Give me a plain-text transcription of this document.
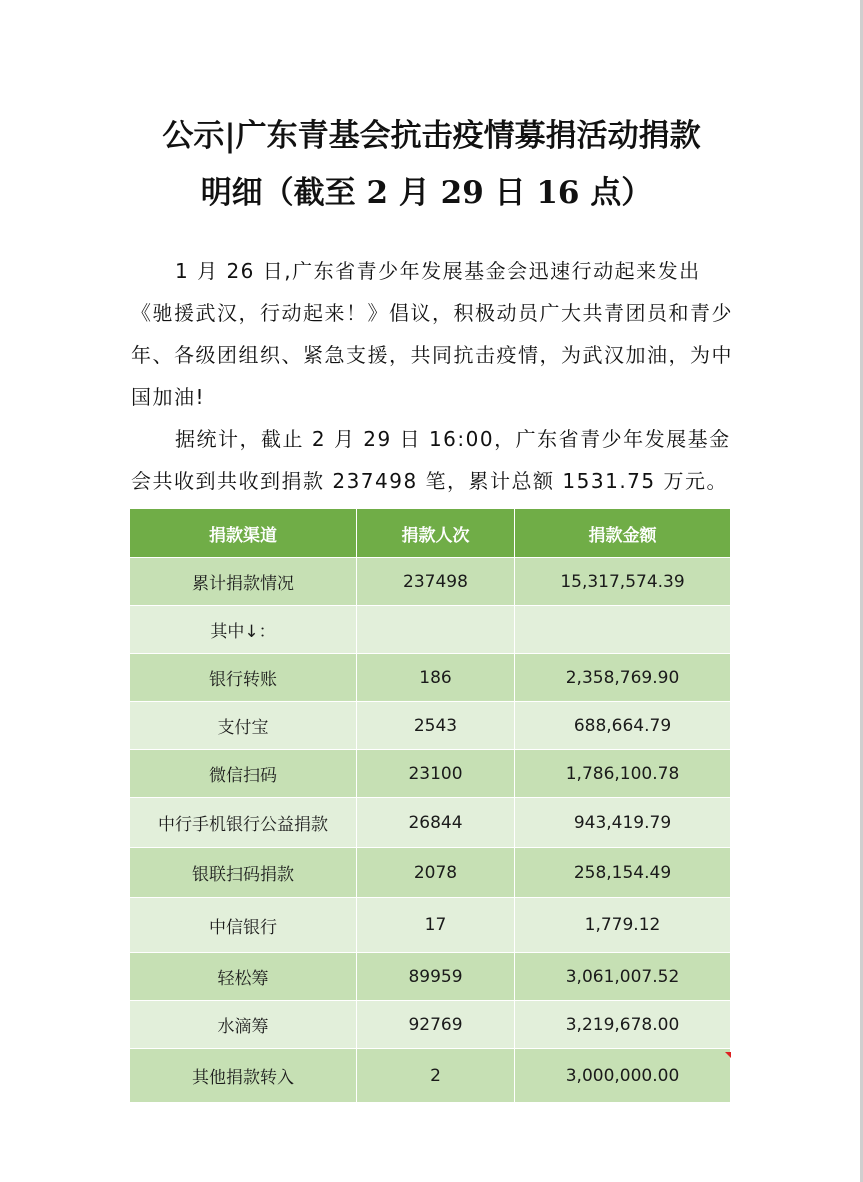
公示|广东青基会抗击疫情募捐活动捐款
明细（截至 2 月 29 日 16 点）

1 月 26 日,广东省青少年发展基金会迅速行动起来发出《驰援武汉，行动起来！》倡议，积极动员广大共青团员和青少年、各级团组织、紧急支援，共同抗击疫情，为武汉加油，为中国加油!

据统计，截止 2 月 29 日 16:00，广东省青少年发展基金会共收到共收到捐款 237498 笔，累计总额 1531.75 万元。

捐款渠道	捐款人次	捐款金额
累计捐款情况	237498	15,317,574.39
其中↓：		
银行转账	186	2,358,769.90
支付宝	2543	688,664.79
微信扫码	23100	1,786,100.78
中行手机银行公益捐款	26844	943,419.79
银联扫码捐款	2078	258,154.49
中信银行	17	1,779.12
轻松筹	89959	3,061,007.52
水滴筹	92769	3,219,678.00
其他捐款转入	2	3,000,000.00
